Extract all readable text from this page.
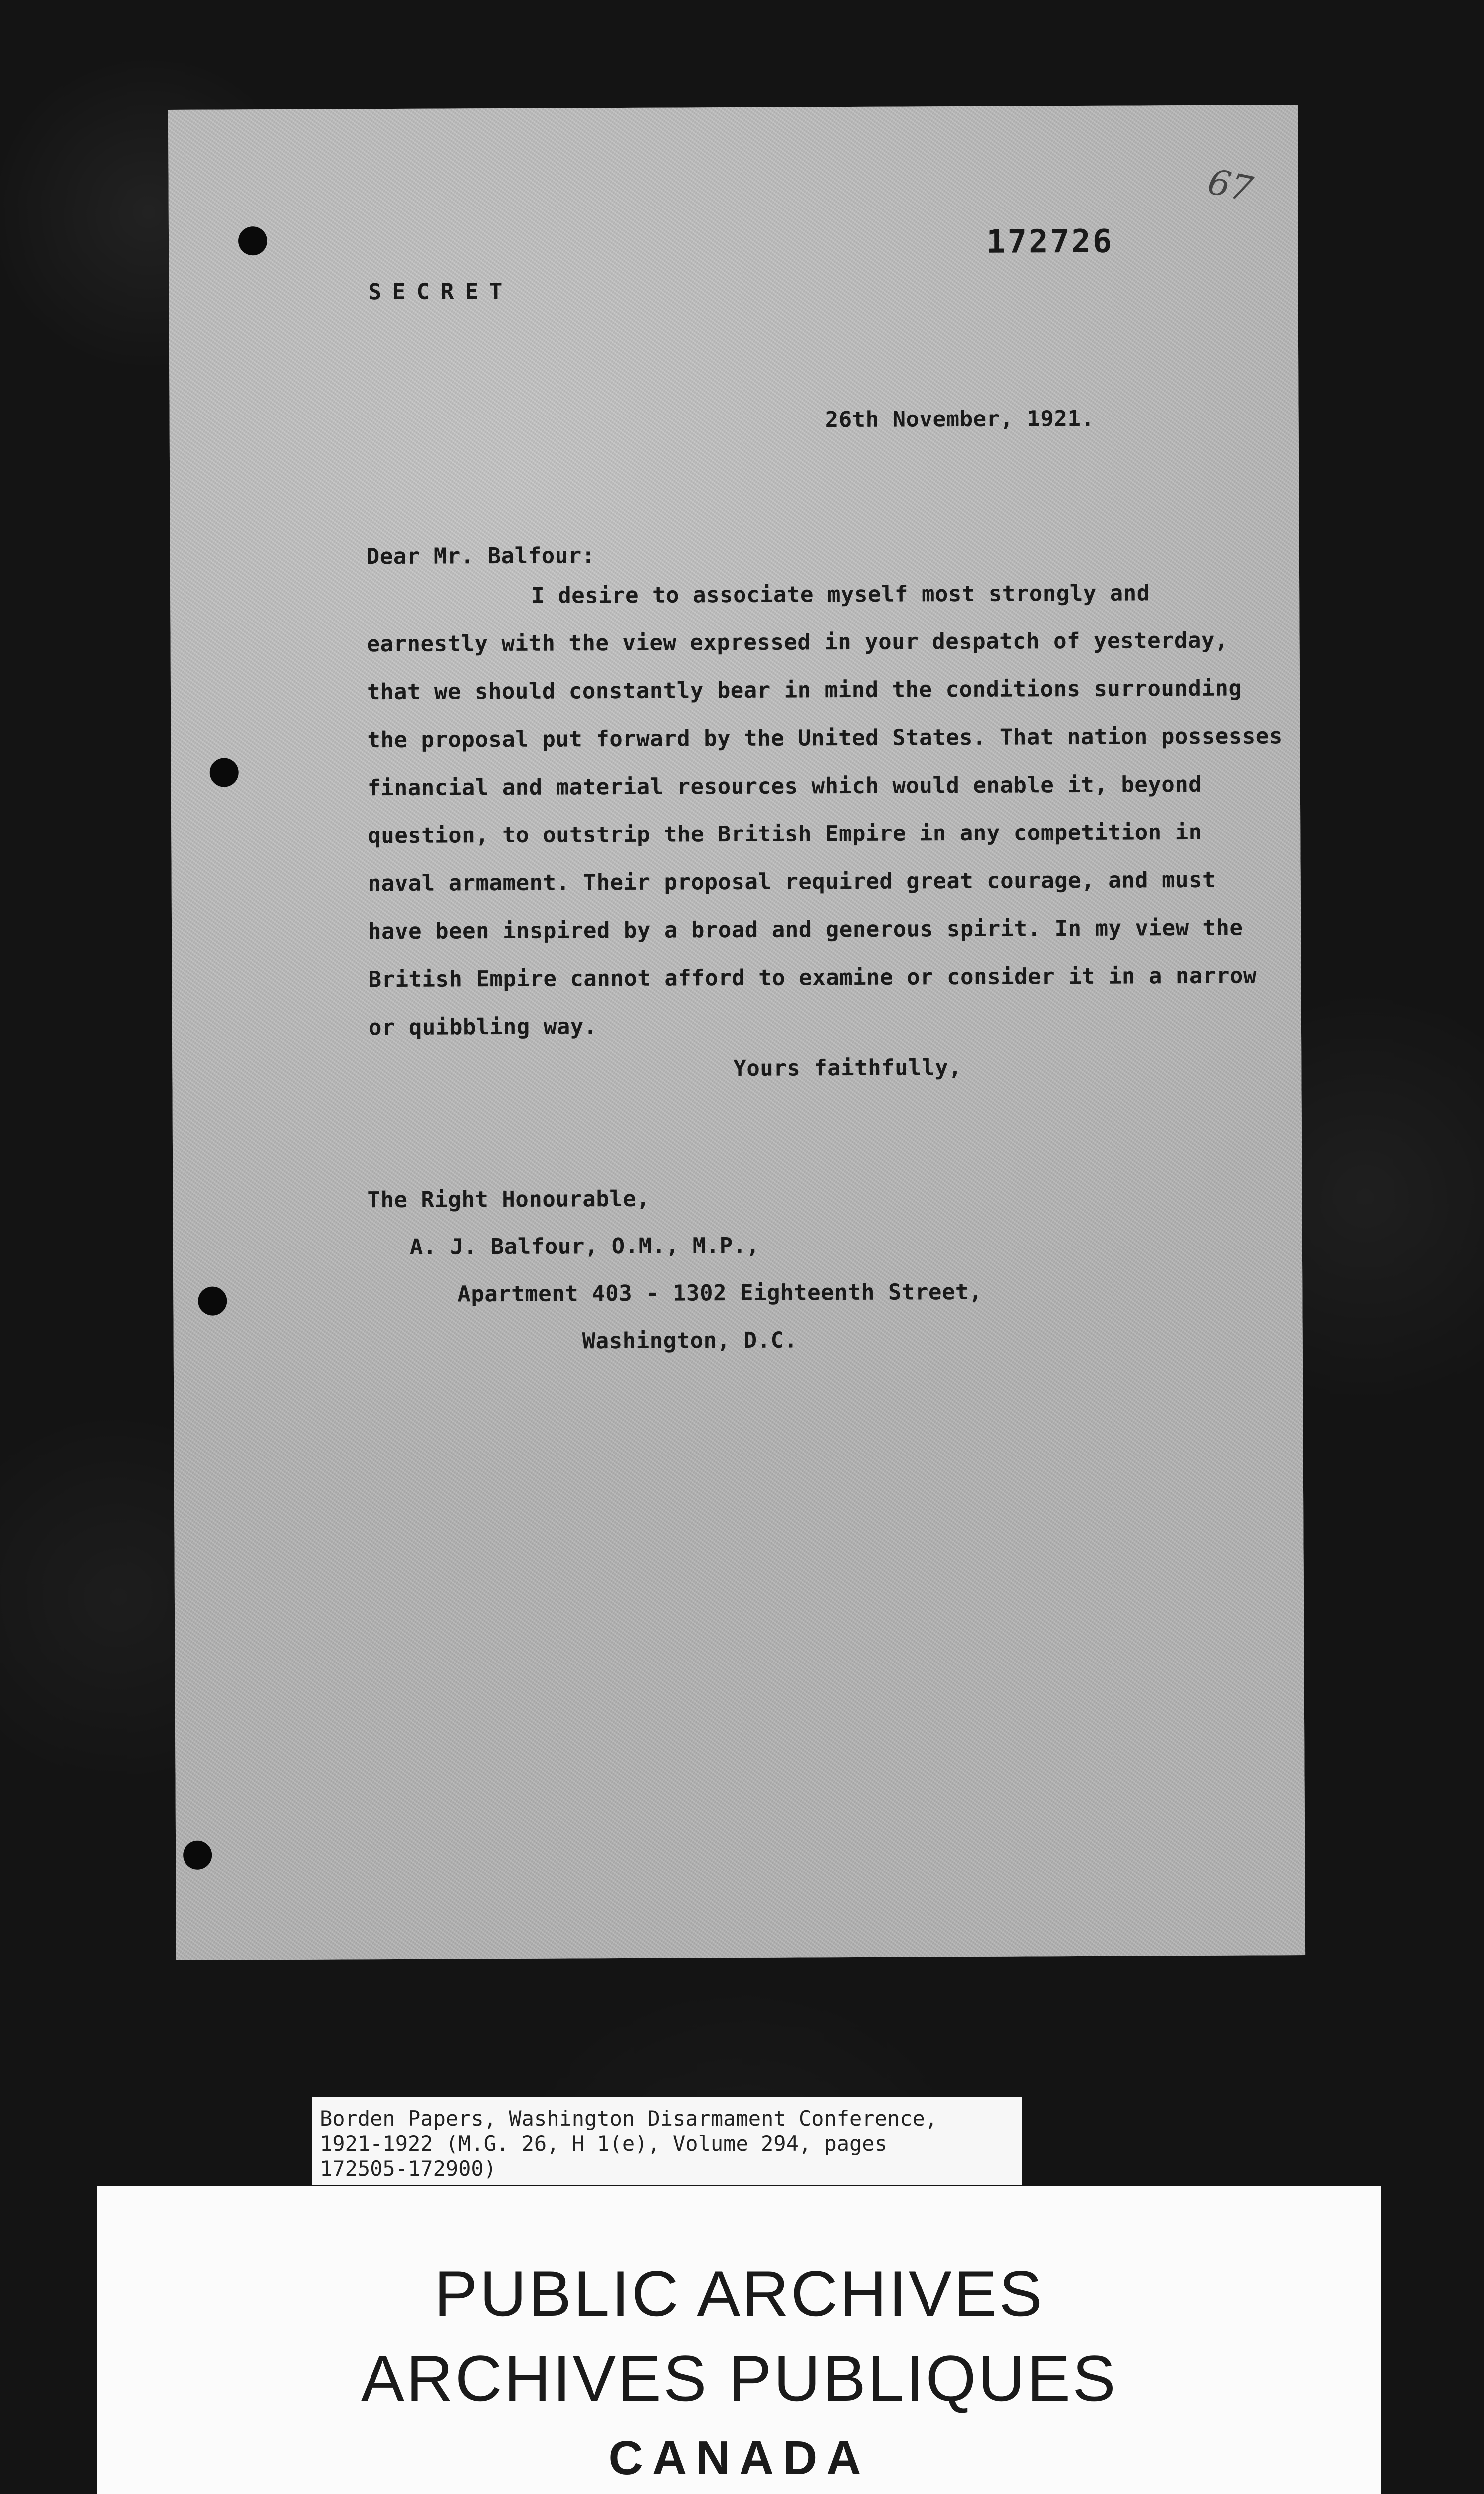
67
172726
SECRET
26th November, 1921.
Dear Mr. Balfour:

I desire to associate myself most strongly and

earnestly with the view expressed in your despatch of yesterday,

that we should constantly bear in mind the conditions surrounding

the proposal put forward by the United States. That nation possesses

financial and material resources which would enable it, beyond

question, to outstrip the British Empire in any competition in

naval armament. Their proposal required great courage, and must

have been inspired by a broad and generous spirit. In my view the

British Empire cannot afford to examine or consider it in a narrow

or quibbling way.

Yours faithfully,
The Right Honourable,
A. J. Balfour, O.M., M.P.,
Apartment 403 - 1302 Eighteenth Street,
Washington, D.C.
Borden Papers, Washington Disarmament Conference,
1921-1922 (M.G. 26, H 1(e), Volume 294, pages
172505-172900)
PUBLIC ARCHIVES
ARCHIVES PUBLIQUES
CANADA
